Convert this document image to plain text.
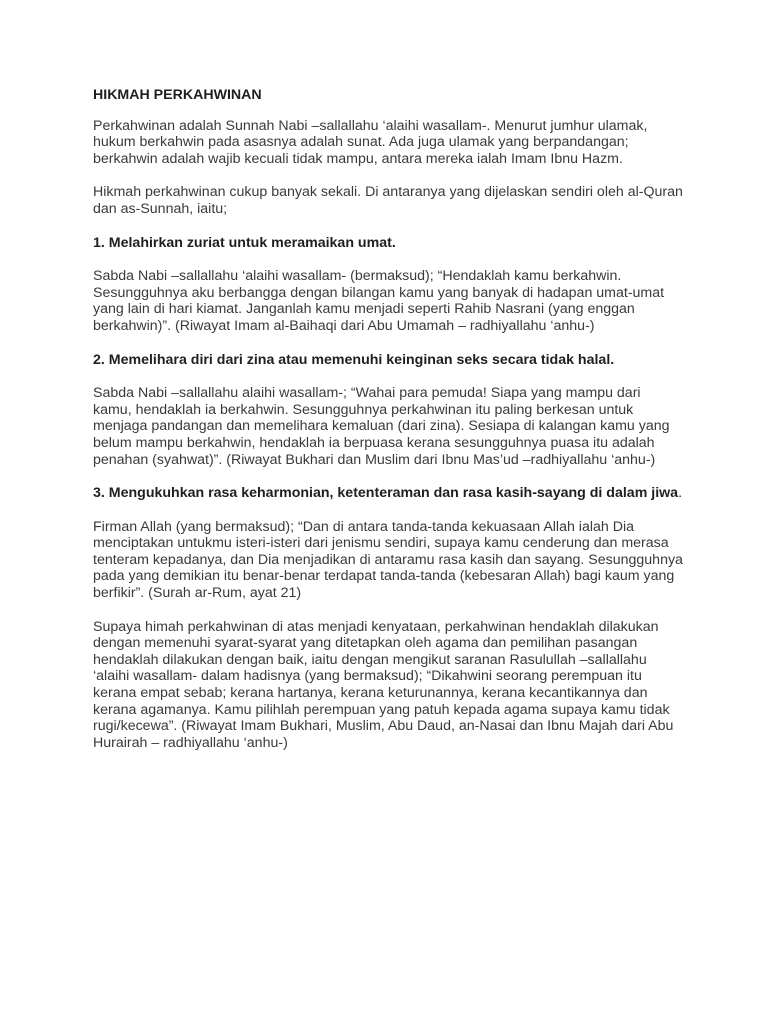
HIKMAH PERKAHWINAN

Perkahwinan adalah Sunnah Nabi –sallallahu ‘alaihi wasallam-. Menurut jumhur ulamak, hukum berkahwin pada asasnya adalah sunat. Ada juga ulamak yang berpandangan; berkahwin adalah wajib kecuali tidak mampu, antara mereka ialah Imam Ibnu Hazm.

Hikmah perkahwinan cukup banyak sekali. Di antaranya yang dijelaskan sendiri oleh al-Quran dan as-Sunnah, iaitu;

1. Melahirkan zuriat untuk meramaikan umat.

Sabda Nabi –sallallahu ‘alaihi wasallam- (bermaksud); “Hendaklah kamu berkahwin. Sesungguhnya aku berbangga dengan bilangan kamu yang banyak di hadapan umat-umat yang lain di hari kiamat. Janganlah kamu menjadi seperti Rahib Nasrani (yang enggan berkahwin)”. (Riwayat Imam al-Baihaqi dari Abu Umamah – radhiyallahu ‘anhu-)

2. Memelihara diri dari zina atau memenuhi keinginan seks secara tidak halal.

Sabda Nabi –sallallahu alaihi wasallam-; “Wahai para pemuda! Siapa yang mampu dari kamu, hendaklah ia berkahwin. Sesungguhnya perkahwinan itu paling berkesan untuk menjaga pandangan dan memelihara kemaluan (dari zina). Sesiapa di kalangan kamu yang belum mampu berkahwin, hendaklah ia berpuasa kerana sesungguhnya puasa itu adalah penahan (syahwat)”. (Riwayat Bukhari dan Muslim dari Ibnu Mas’ud –radhiyallahu ‘anhu-)

3. Mengukuhkan rasa keharmonian, ketenteraman dan rasa kasih-sayang di dalam jiwa.

Firman Allah (yang bermaksud); “Dan di antara tanda-tanda kekuasaan Allah ialah Dia menciptakan untukmu isteri-isteri dari jenismu sendiri, supaya kamu cenderung dan merasa tenteram kepadanya, dan Dia menjadikan di antaramu rasa kasih dan sayang. Sesungguhnya pada yang demikian itu benar-benar terdapat tanda-tanda (kebesaran Allah) bagi kaum yang berfikir”. (Surah ar-Rum, ayat 21)

Supaya himah perkahwinan di atas menjadi kenyataan, perkahwinan hendaklah dilakukan dengan memenuhi syarat-syarat yang ditetapkan oleh agama dan pemilihan pasangan hendaklah dilakukan dengan baik, iaitu dengan mengikut saranan Rasulullah –sallallahu ‘alaihi wasallam- dalam hadisnya (yang bermaksud); “Dikahwini seorang perempuan itu kerana empat sebab; kerana hartanya, kerana keturunannya, kerana kecantikannya dan kerana agamanya. Kamu pilihlah perempuan yang patuh kepada agama supaya kamu tidak rugi/kecewa”. (Riwayat Imam Bukhari, Muslim, Abu Daud, an-Nasai dan Ibnu Majah dari Abu Hurairah – radhiyallahu ‘anhu-)
